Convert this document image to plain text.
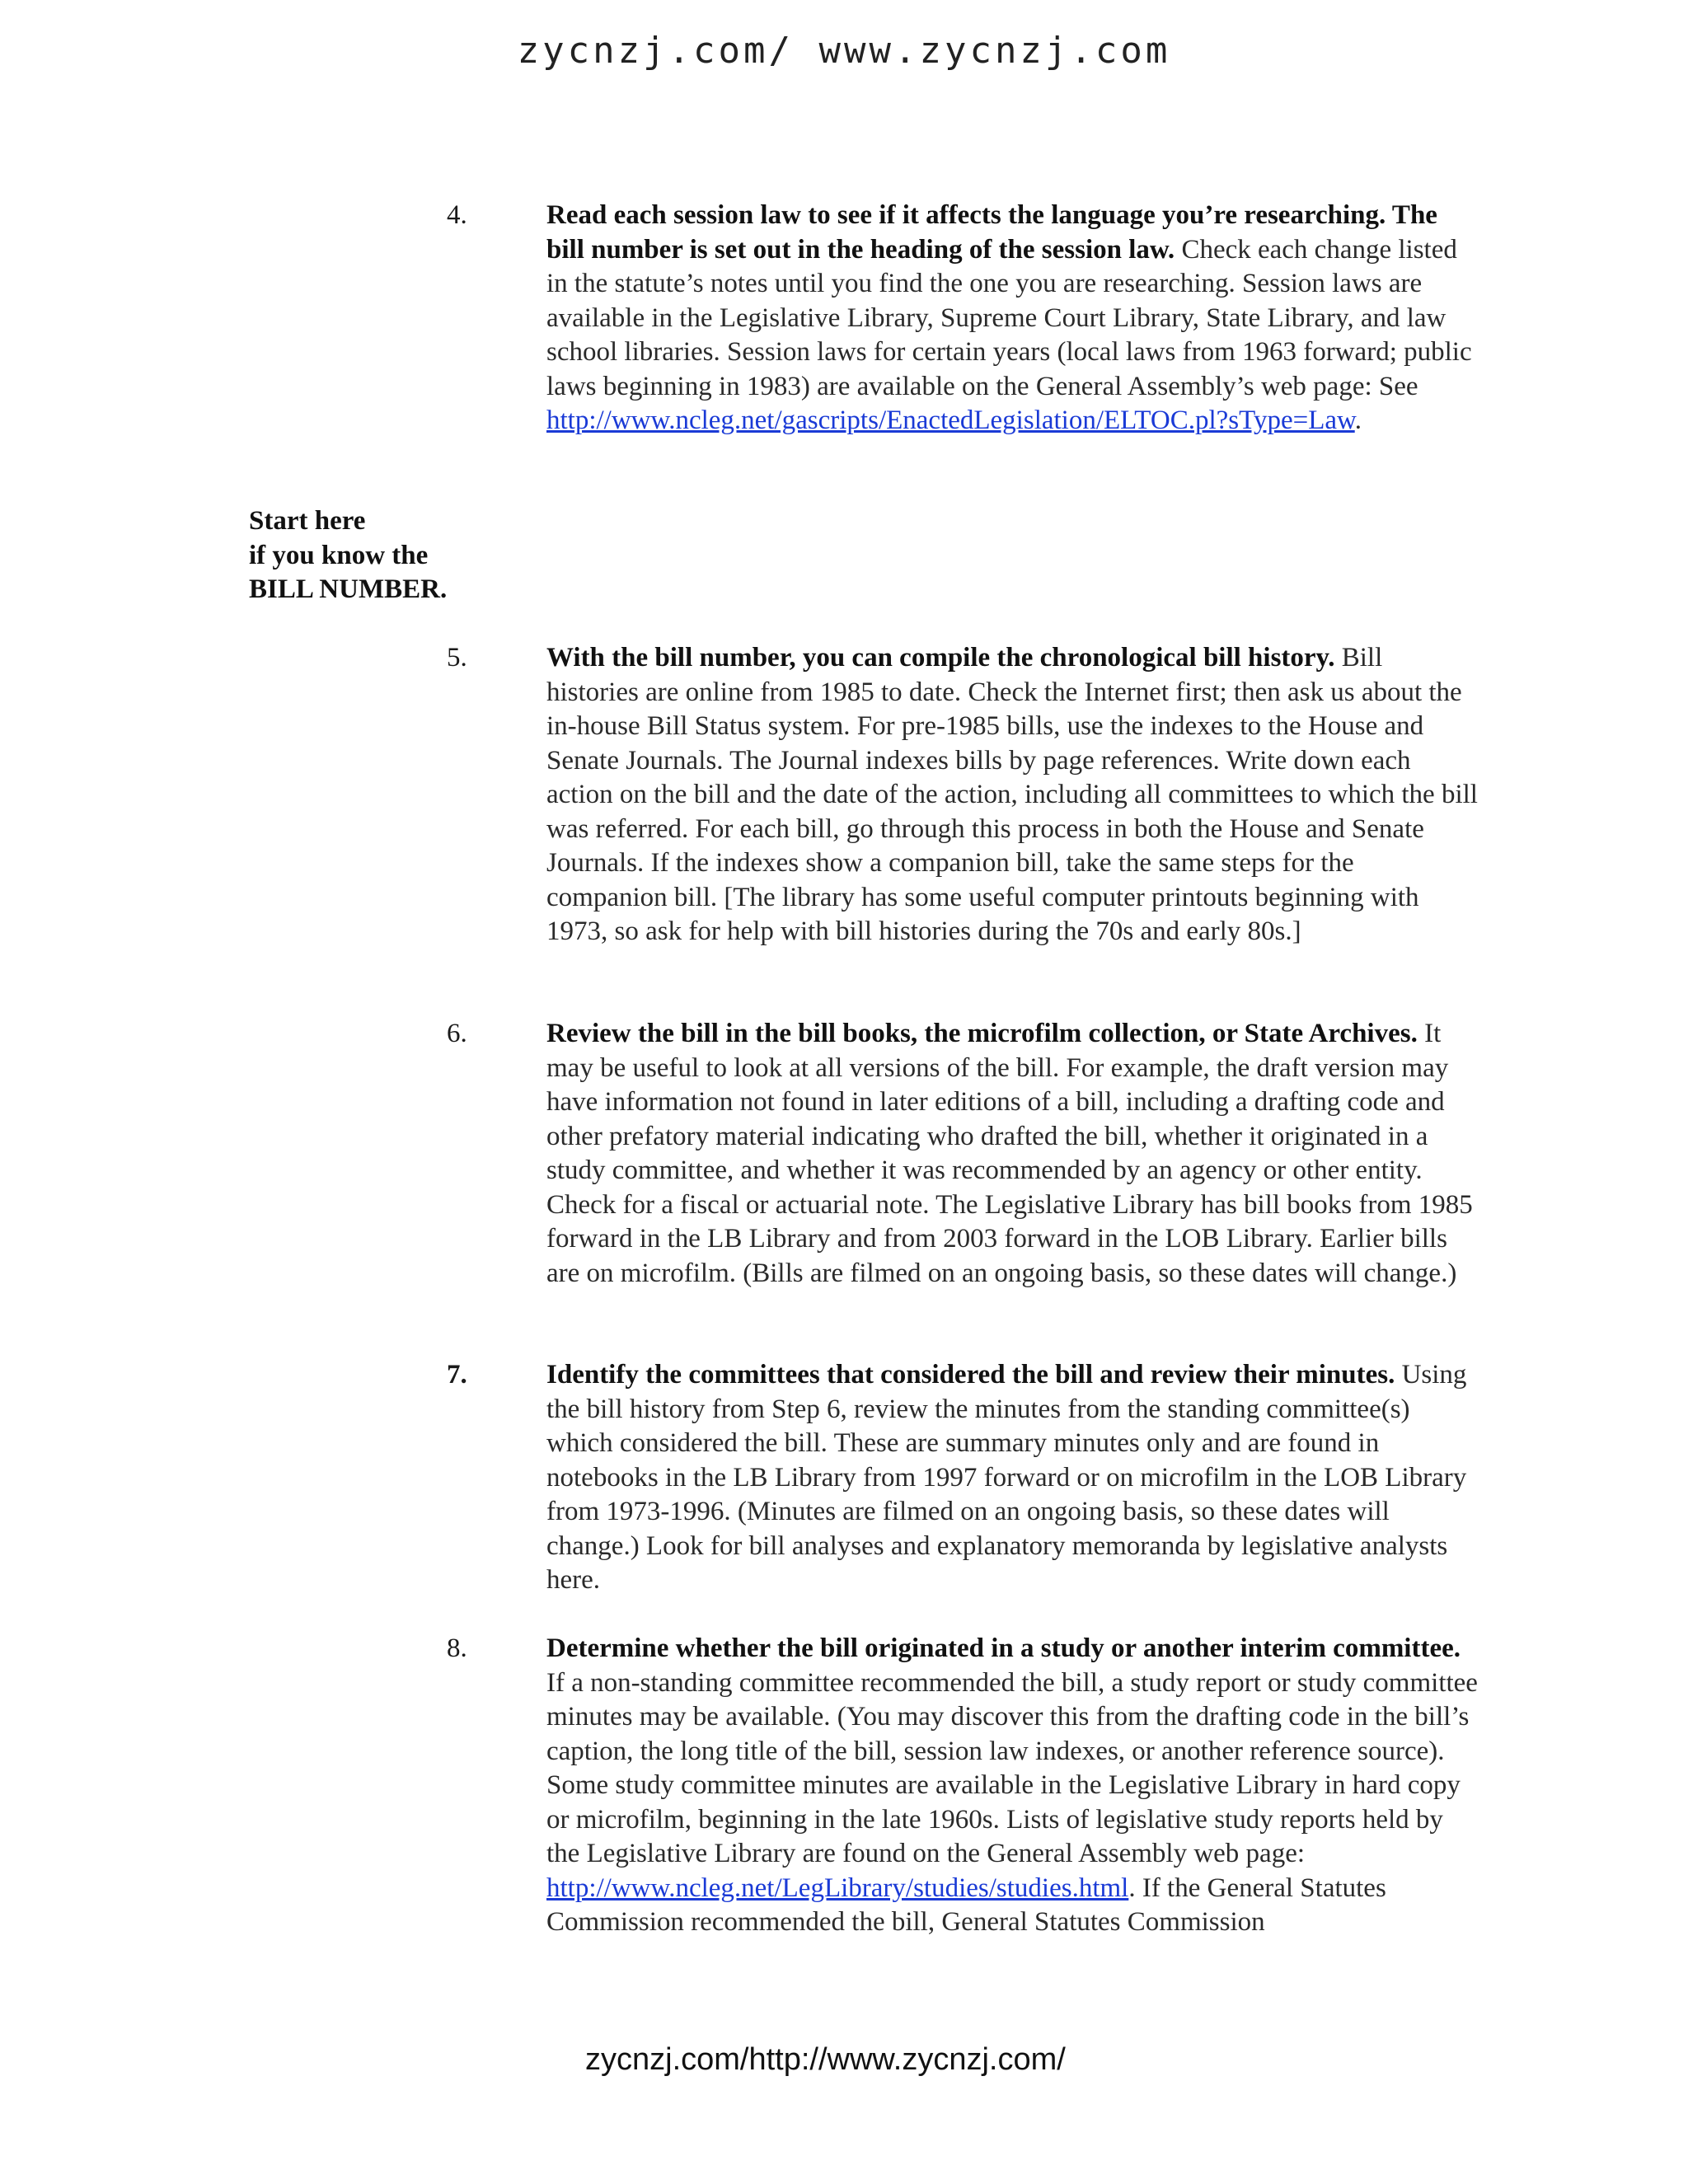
zycnzj.com/ www.zycnzj.com
4.	Read each session law to see if it affects the language you’re researching. The bill number is set out in the heading of the session law. Check each change listed in the statute’s notes until you find the one you are researching. Session laws are available in the Legislative Library, Supreme Court Library, State Library, and law school libraries. Session laws for certain years (local laws from 1963 forward; public laws beginning in 1983) are available on the General Assembly’s web page: See http://www.ncleg.net/gascripts/EnactedLegislation/ELTOC.pl?sType=Law.
Start here
if you know the
BILL NUMBER.
5.	With the bill number, you can compile the chronological bill history. Bill histories are online from 1985 to date. Check the Internet first; then ask us about the in-house Bill Status system. For pre-1985 bills, use the indexes to the House and Senate Journals. The Journal indexes bills by page references. Write down each action on the bill and the date of the action, including all committees to which the bill was referred. For each bill, go through this process in both the House and Senate Journals. If the indexes show a companion bill, take the same steps for the companion bill. [The library has some useful computer printouts beginning with 1973, so ask for help with bill histories during the 70s and early 80s.]
6.	Review the bill in the bill books, the microfilm collection, or State Archives. It may be useful to look at all versions of the bill. For example, the draft version may have information not found in later editions of a bill, including a drafting code and other prefatory material indicating who drafted the bill, whether it originated in a study committee, and whether it was recommended by an agency or other entity. Check for a fiscal or actuarial note. The Legislative Library has bill books from 1985 forward in the LB Library and from 2003 forward in the LOB Library. Earlier bills are on microfilm. (Bills are filmed on an ongoing basis, so these dates will change.)
7.	Identify the committees that considered the bill and review their minutes. Using the bill history from Step 6, review the minutes from the standing committee(s) which considered the bill. These are summary minutes only and are found in notebooks in the LB Library from 1997 forward or on microfilm in the LOB Library from 1973-1996. (Minutes are filmed on an ongoing basis, so these dates will change.) Look for bill analyses and explanatory memoranda by legislative analysts here.
8.	Determine whether the bill originated in a study or another interim committee. If a non-standing committee recommended the bill, a study report or study committee minutes may be available. (You may discover this from the drafting code in the bill’s caption, the long title of the bill, session law indexes, or another reference source). Some study committee minutes are available in the Legislative Library in hard copy or microfilm, beginning in the late 1960s. Lists of legislative study reports held by the Legislative Library are found on the General Assembly web page: http://www.ncleg.net/LegLibrary/studies/studies.html. If the General Statutes Commission recommended the bill, General Statutes Commission
zycnzj.com/http://www.zycnzj.com/
